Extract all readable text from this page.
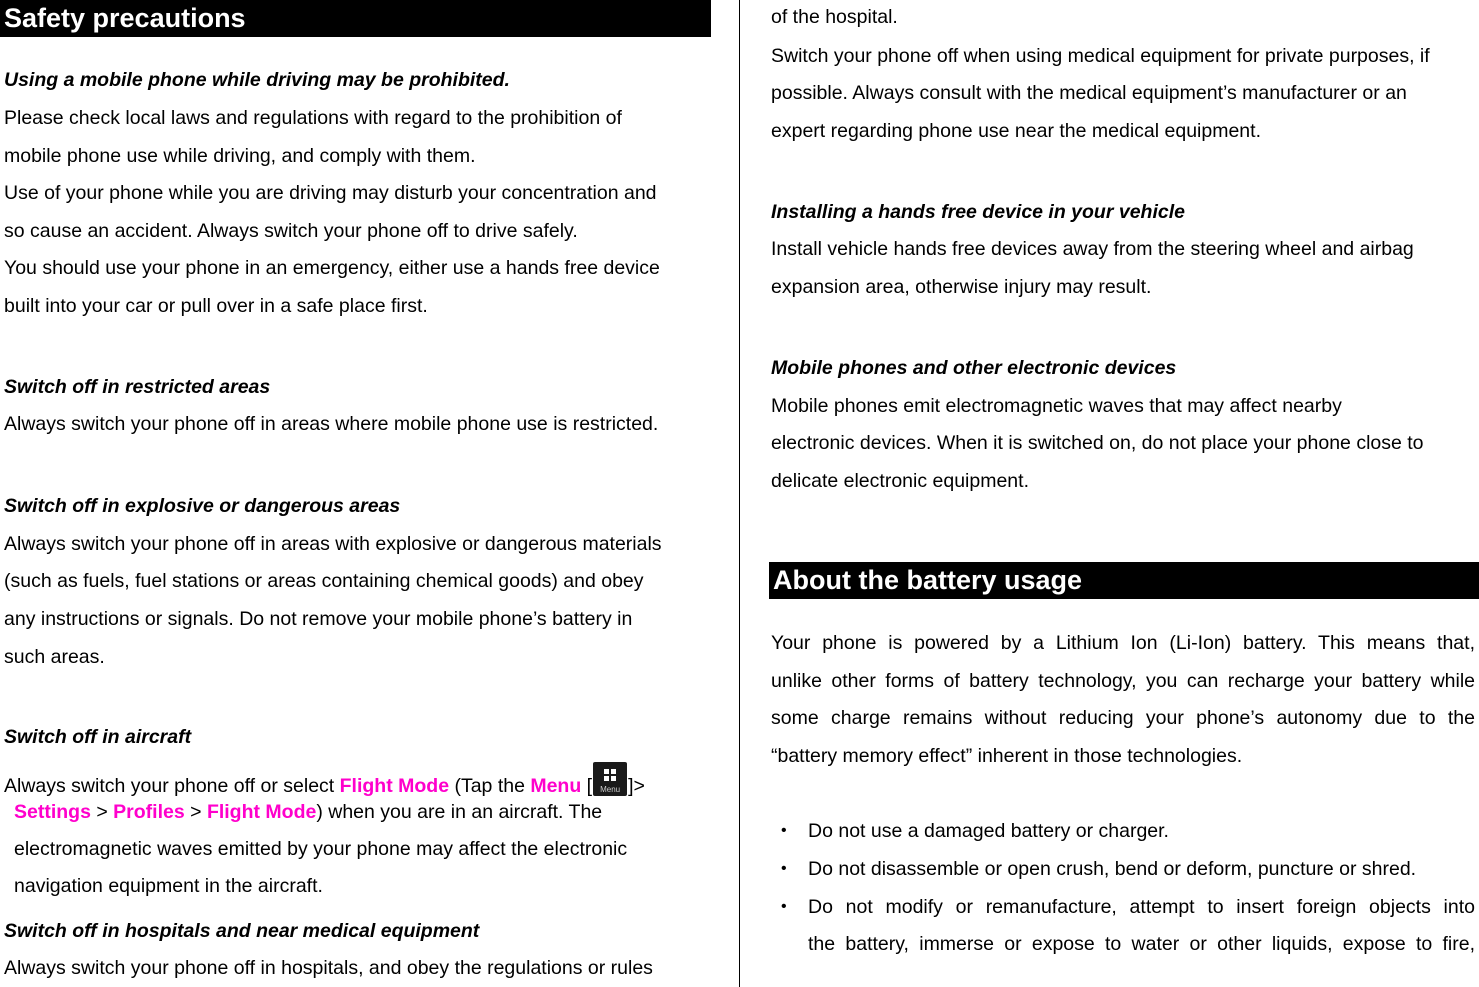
Safety precautions
Using a mobile phone while driving may be prohibited.
Please check local laws and regulations with regard to the prohibition of
mobile phone use while driving, and comply with them.
Use of your phone while you are driving may disturb your concentration and
so cause an accident. Always switch your phone off to drive safely.
You should use your phone in an emergency, either use a hands free device
built into your car or pull over in a safe place first.
Switch off in restricted areas
Always switch your phone off in areas where mobile phone use is restricted.
Switch off in explosive or dangerous areas
Always switch your phone off in areas with explosive or dangerous materials
(such as fuels, fuel stations or areas containing chemical goods) and obey
any instructions or signals. Do not remove your mobile phone’s battery in
such areas.
Switch off in aircraft
Always switch your phone off or select Flight Mode (Tap the Menu [ Menu ]>
Settings > Profiles > Flight Mode) when you are in an aircraft. The
electromagnetic waves emitted by your phone may affect the electronic
navigation equipment in the aircraft.
Switch off in hospitals and near medical equipment
Always switch your phone off in hospitals, and obey the regulations or rules
of the hospital.
Switch your phone off when using medical equipment for private purposes, if
possible. Always consult with the medical equipment’s manufacturer or an
expert regarding phone use near the medical equipment.
Installing a hands free device in your vehicle
Install vehicle hands free devices away from the steering wheel and airbag
expansion area, otherwise injury may result.
Mobile phones and other electronic devices
Mobile phones emit electromagnetic waves that may affect nearby
electronic devices. When it is switched on, do not place your phone close to
delicate electronic equipment.
About the battery usage
Your phone is powered by a Lithium Ion (Li-Ion) battery. This means that,
unlike other forms of battery technology, you can recharge your battery while
some charge remains without reducing your phone’s autonomy due to the
“battery memory effect” inherent in those technologies.
• Do not use a damaged battery or charger.
• Do not disassemble or open crush, bend or deform, puncture or shred.
• Do not modify or remanufacture, attempt to insert foreign objects into
the battery, immerse or expose to water or other liquids, expose to fire,
